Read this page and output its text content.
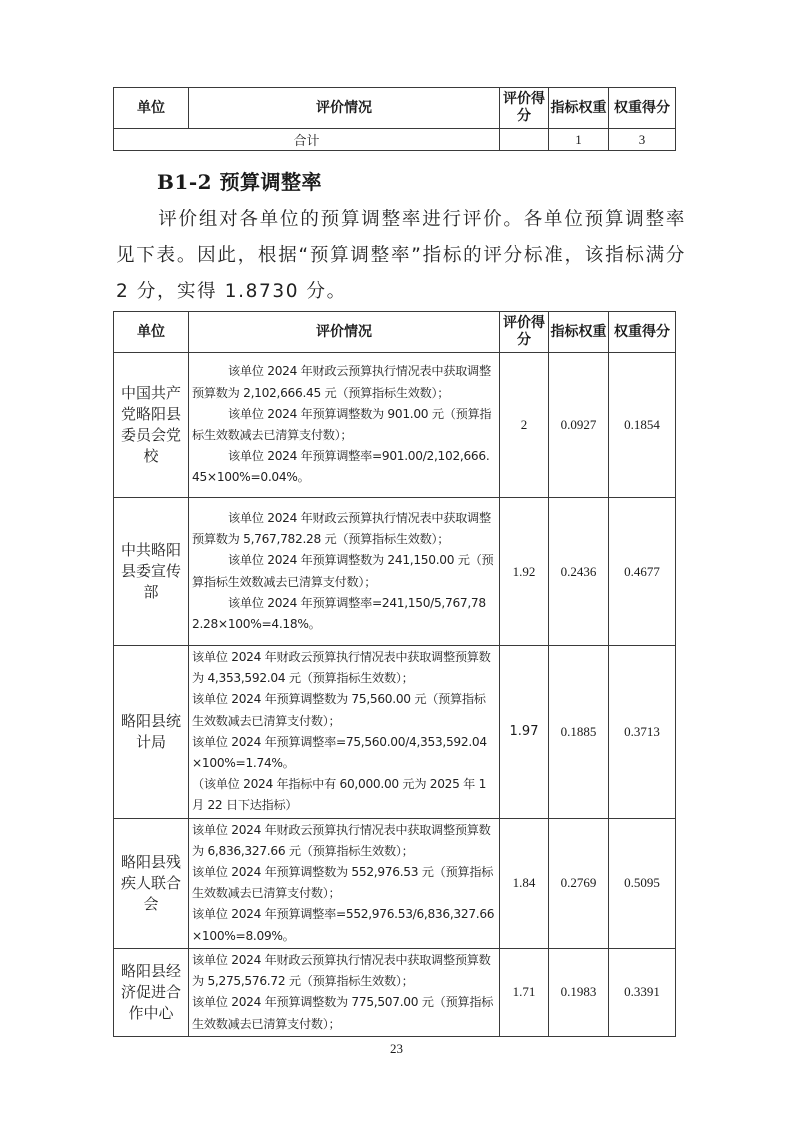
单位	评价情况	评价得分	指标权重	权重得分
合计			1	3
B1-2 预算调整率

评价组对各单位的预算调整率进行评价。各单位预算调整率见下表。因此，根据“预算调整率”指标的评分标准，该指标满分 2 分，实得 1.8730 分。

单位	评价情况	评价得分	指标权重	权重得分
中国共产党略阳县委员会党校	该单位 2024 年财政云预算执行情况表中获取调整预算数为 2,102,666.45 元（预算指标生效数）；

该单位 2024 年预算调整数为 901.00 元（预算指标生效数减去已清算支付数）；

该单位 2024 年预算调整率=901.00/2,102,666.45×100%=0.04%。	2	0.0927	0.1854
中共略阳县委宣传部	该单位 2024 年财政云预算执行情况表中获取调整预算数为 5,767,782.28 元（预算指标生效数）；

该单位 2024 年预算调整数为 241,150.00 元（预算指标生效数减去已清算支付数）；

该单位 2024 年预算调整率=241,150/5,767,782.28×100%=4.18%。	1.92	0.2436	0.4677
略阳县统计局	该单位 2024 年财政云预算执行情况表中获取调整预算数为 4,353,592.04 元（预算指标生效数）；

该单位 2024 年预算调整数为 75,560.00 元（预算指标生效数减去已清算支付数）；

该单位 2024 年预算调整率=75,560.00/4,353,592.04×100%=1.74%。

（该单位 2024 年指标中有 60,000.00 元为 2025 年 1 月 22 日下达指标）	1.97	0.1885	0.3713
略阳县残疾人联合会	该单位 2024 年财政云预算执行情况表中获取调整预算数为 6,836,327.66 元（预算指标生效数）；

该单位 2024 年预算调整数为 552,976.53 元（预算指标生效数减去已清算支付数）；

该单位 2024 年预算调整率=552,976.53/6,836,327.66×100%=8.09%。	1.84	0.2769	0.5095
略阳县经济促进合作中心	该单位 2024 年财政云预算执行情况表中获取调整预算数为 5,275,576.72 元（预算指标生效数）；

该单位 2024 年预算调整数为 775,507.00 元（预算指标生效数减去已清算支付数）；	1.71	0.1983	0.3391

23
